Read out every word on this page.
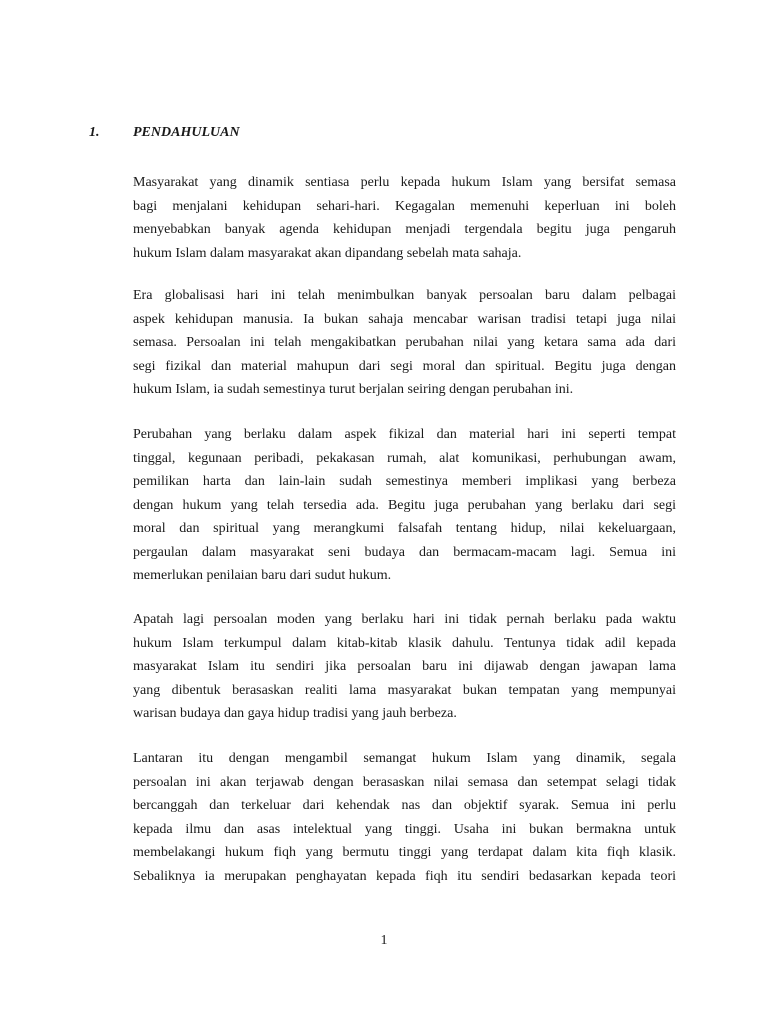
1. PENDAHULUAN
Masyarakat yang dinamik sentiasa perlu kepada hukum Islam yang bersifat semasa
bagi menjalani kehidupan sehari-hari. Kegagalan memenuhi keperluan ini boleh
menyebabkan banyak agenda kehidupan menjadi tergendala begitu juga pengaruh
hukum Islam dalam masyarakat akan dipandang sebelah mata sahaja.
Era globalisasi hari ini telah menimbulkan banyak persoalan baru dalam pelbagai
aspek kehidupan manusia. Ia bukan sahaja mencabar warisan tradisi tetapi juga nilai
semasa. Persoalan ini telah mengakibatkan perubahan nilai yang ketara sama ada dari
segi fizikal dan material mahupun dari segi moral dan spiritual. Begitu juga dengan
hukum Islam, ia sudah semestinya turut berjalan seiring dengan perubahan ini.
Perubahan yang berlaku dalam aspek fikizal dan material hari ini seperti tempat
tinggal, kegunaan peribadi, pekakasan rumah, alat komunikasi, perhubungan awam,
pemilikan harta dan lain-lain sudah semestinya memberi implikasi yang berbeza
dengan hukum yang telah tersedia ada. Begitu juga perubahan yang berlaku dari segi
moral dan spiritual yang merangkumi falsafah tentang hidup, nilai kekeluargaan,
pergaulan dalam masyarakat seni budaya dan bermacam-macam lagi. Semua ini
memerlukan penilaian baru dari sudut hukum.
Apatah lagi persoalan moden yang berlaku hari ini tidak pernah berlaku pada waktu
hukum Islam terkumpul dalam kitab-kitab klasik dahulu. Tentunya tidak adil kepada
masyarakat Islam itu sendiri jika persoalan baru ini dijawab dengan jawapan lama
yang dibentuk berasaskan realiti lama masyarakat bukan tempatan yang mempunyai
warisan budaya dan gaya hidup tradisi yang jauh berbeza.
Lantaran itu dengan mengambil semangat hukum Islam yang dinamik, segala
persoalan ini akan terjawab dengan berasaskan nilai semasa dan setempat selagi tidak
bercanggah dan terkeluar dari kehendak nas dan objektif syarak. Semua ini perlu
kepada ilmu dan asas intelektual yang tinggi. Usaha ini bukan bermakna untuk
membelakangi hukum fiqh yang bermutu tinggi yang terdapat dalam kita fiqh klasik.
Sebaliknya ia merupakan penghayatan kepada fiqh itu sendiri bedasarkan kepada teori
1
